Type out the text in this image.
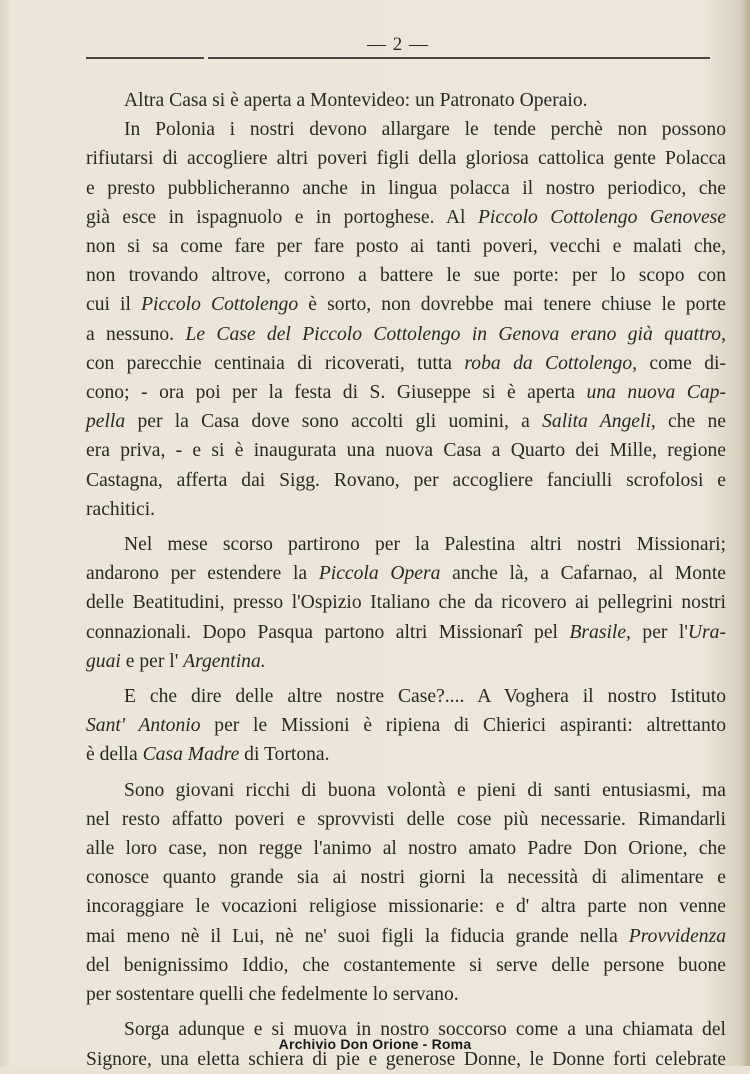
— 2 —
Altra Casa si è aperta a Montevideo: un Patronato Operaio.
In Polonia i nostri devono allargare le tende perchè non possono
rifiutarsi di accogliere altri poveri figli della gloriosa cattolica gente Polacca
e presto pubblicheranno anche in lingua polacca il nostro periodico, che
già esce in ispagnuolo e in portoghese. Al Piccolo Cottolengo Genovese
non si sa come fare per fare posto ai tanti poveri, vecchi e malati che,
non trovando altrove, corrono a battere le sue porte: per lo scopo con
cui il Piccolo Cottolengo è sorto, non dovrebbe mai tenere chiuse le porte
a nessuno. Le Case del Piccolo Cottolengo in Genova erano già quattro,
con parecchie centinaia di ricoverati, tutta roba da Cottolengo, come di-
cono; - ora poi per la festa di S. Giuseppe si è aperta una nuova Cap-
pella per la Casa dove sono accolti gli uomini, a Salita Angeli, che ne
era priva, - e si è inaugurata una nuova Casa a Quarto dei Mille, regione
Castagna, afferta dai Sigg. Rovano, per accogliere fanciulli scrofolosi e
rachitici.
Nel mese scorso partirono per la Palestina altri nostri Missionari;
andarono per estendere la Piccola Opera anche là, a Cafarnao, al Monte
delle Beatitudini, presso l'Ospizio Italiano che da ricovero ai pellegrini nostri
connazionali. Dopo Pasqua partono altri Missionarî pel Brasile, per l'Ura-
guai e per l' Argentina.
E che dire delle altre nostre Case?.... A Voghera il nostro Istituto
Sant' Antonio per le Missioni è ripiena di Chierici aspiranti: altrettanto
è della Casa Madre di Tortona.
Sono giovani ricchi di buona volontà e pieni di santi entusiasmi, ma
nel resto affatto poveri e sprovvisti delle cose più necessarie. Rimandarli
alle loro case, non regge l'animo al nostro amato Padre Don Orione, che
conosce quanto grande sia ai nostri giorni la necessità di alimentare e
incoraggiare le vocazioni religiose missionarie: e d' altra parte non venne
mai meno nè il Lui, nè ne' suoi figli la fiducia grande nella Provvidenza
del benignissimo Iddio, che costantemente si serve delle persone buone
per sostentare quelli che fedelmente lo servano.
Sorga adunque e si muova in nostro soccorso come a una chiamata del
Signore, una eletta schiera di pie e generose Donne, le Donne forti celebrate
Archivio Don Orione - Roma
